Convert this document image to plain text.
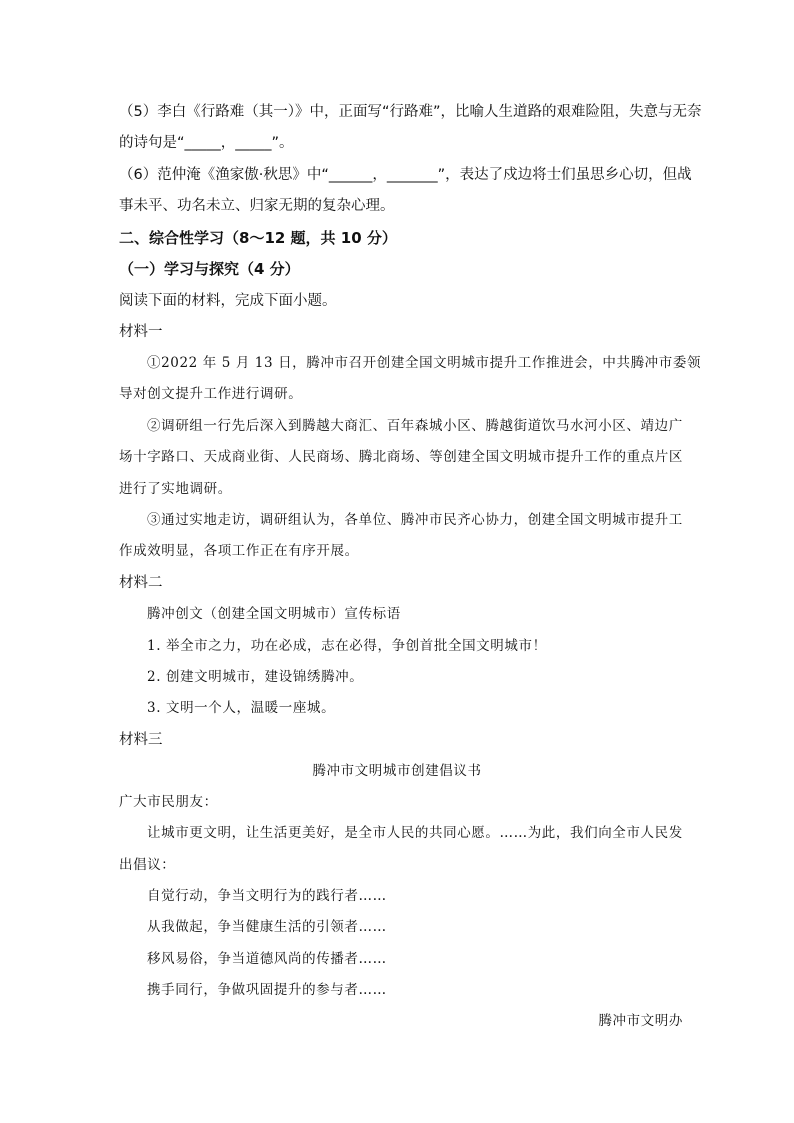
（5）李白《行路难（其一）》中，正面写“行路难”，比喻人生道路的艰难险阻，失意与无奈
的诗句是“_____，_____”。
（6）范仲淹《渔家傲·秋思》中“______，_______”，表达了戍边将士们虽思乡心切，但战
事未平、功名未立、归家无期的复杂心理。
二、综合性学习（8～12 题，共 10 分）
（一）学习与探究（4 分）
阅读下面的材料，完成下面小题。
材料一
①2022 年 5 月 13 日，腾冲市召开创建全国文明城市提升工作推进会，中共腾冲市委领
导对创文提升工作进行调研。
②调研组一行先后深入到腾越大商汇、百年森城小区、腾越街道饮马水河小区、靖边广
场十字路口、天成商业街、人民商场、腾北商场、等创建全国文明城市提升工作的重点片区
进行了实地调研。
③通过实地走访，调研组认为，各单位、腾冲市民齐心协力，创建全国文明城市提升工
作成效明显，各项工作正在有序开展。
材料二
腾冲创文（创建全国文明城市）宣传标语
1. 举全市之力，功在必成，志在必得，争创首批全国文明城市！
2. 创建文明城市，建设锦绣腾冲。
3. 文明一个人，温暖一座城。
材料三
腾冲市文明城市创建倡议书
广大市民朋友：
让城市更文明，让生活更美好，是全市人民的共同心愿。……为此，我们向全市人民发
出倡议：
自觉行动，争当文明行为的践行者……
从我做起，争当健康生活的引领者……
移风易俗，争当道德风尚的传播者……
携手同行，争做巩固提升的参与者……
腾冲市文明办
